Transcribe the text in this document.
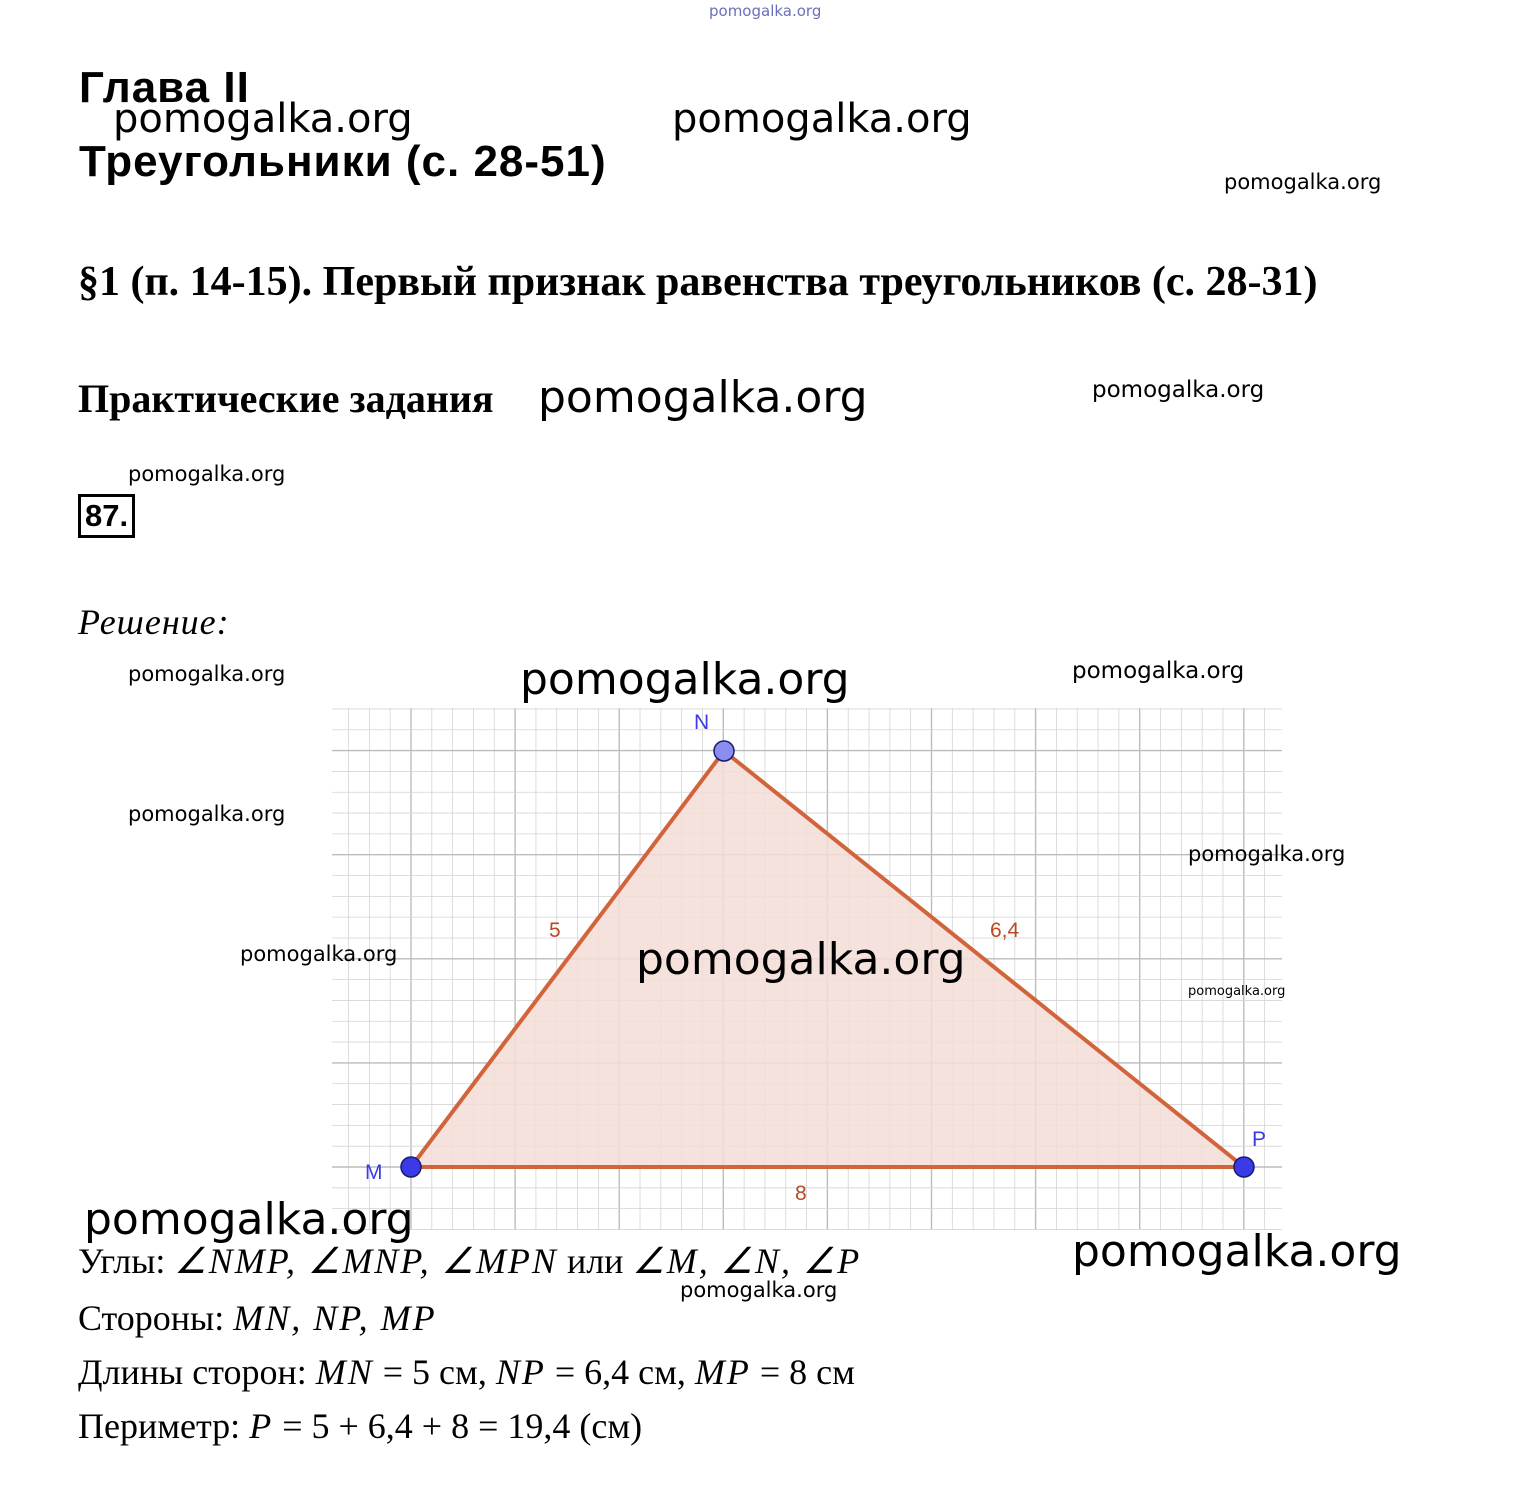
pomogalka.org
Глава II
Треугольники (с. 28-51)
pomogalka.org	pomogalka.org
pomogalka.org
§1 (п. 14-15). Первый признак равенства треугольников (с. 28-31)
Практические задания pomogalka.org	pomogalka.org
pomogalka.org
87.
Решение:
M
N
P
5	6,4
8
pomogalka.org	pomogalka.org	pomogalka.org
pomogalka.org
pomogalka.org
pomogalka.org	pomogalka.org
pomogalka.org
pomogalka.org
pomogalka.org
pomogalka.org
Углы: ∠NMP, ∠MNP, ∠MPN или ∠M, ∠N, ∠P
Стороны: MN, NP, MP
Длины сторон: MN = 5 см, NP = 6,4 см, MP = 8 см
Периметр: P = 5 + 6,4 + 8 = 19,4 (см)
